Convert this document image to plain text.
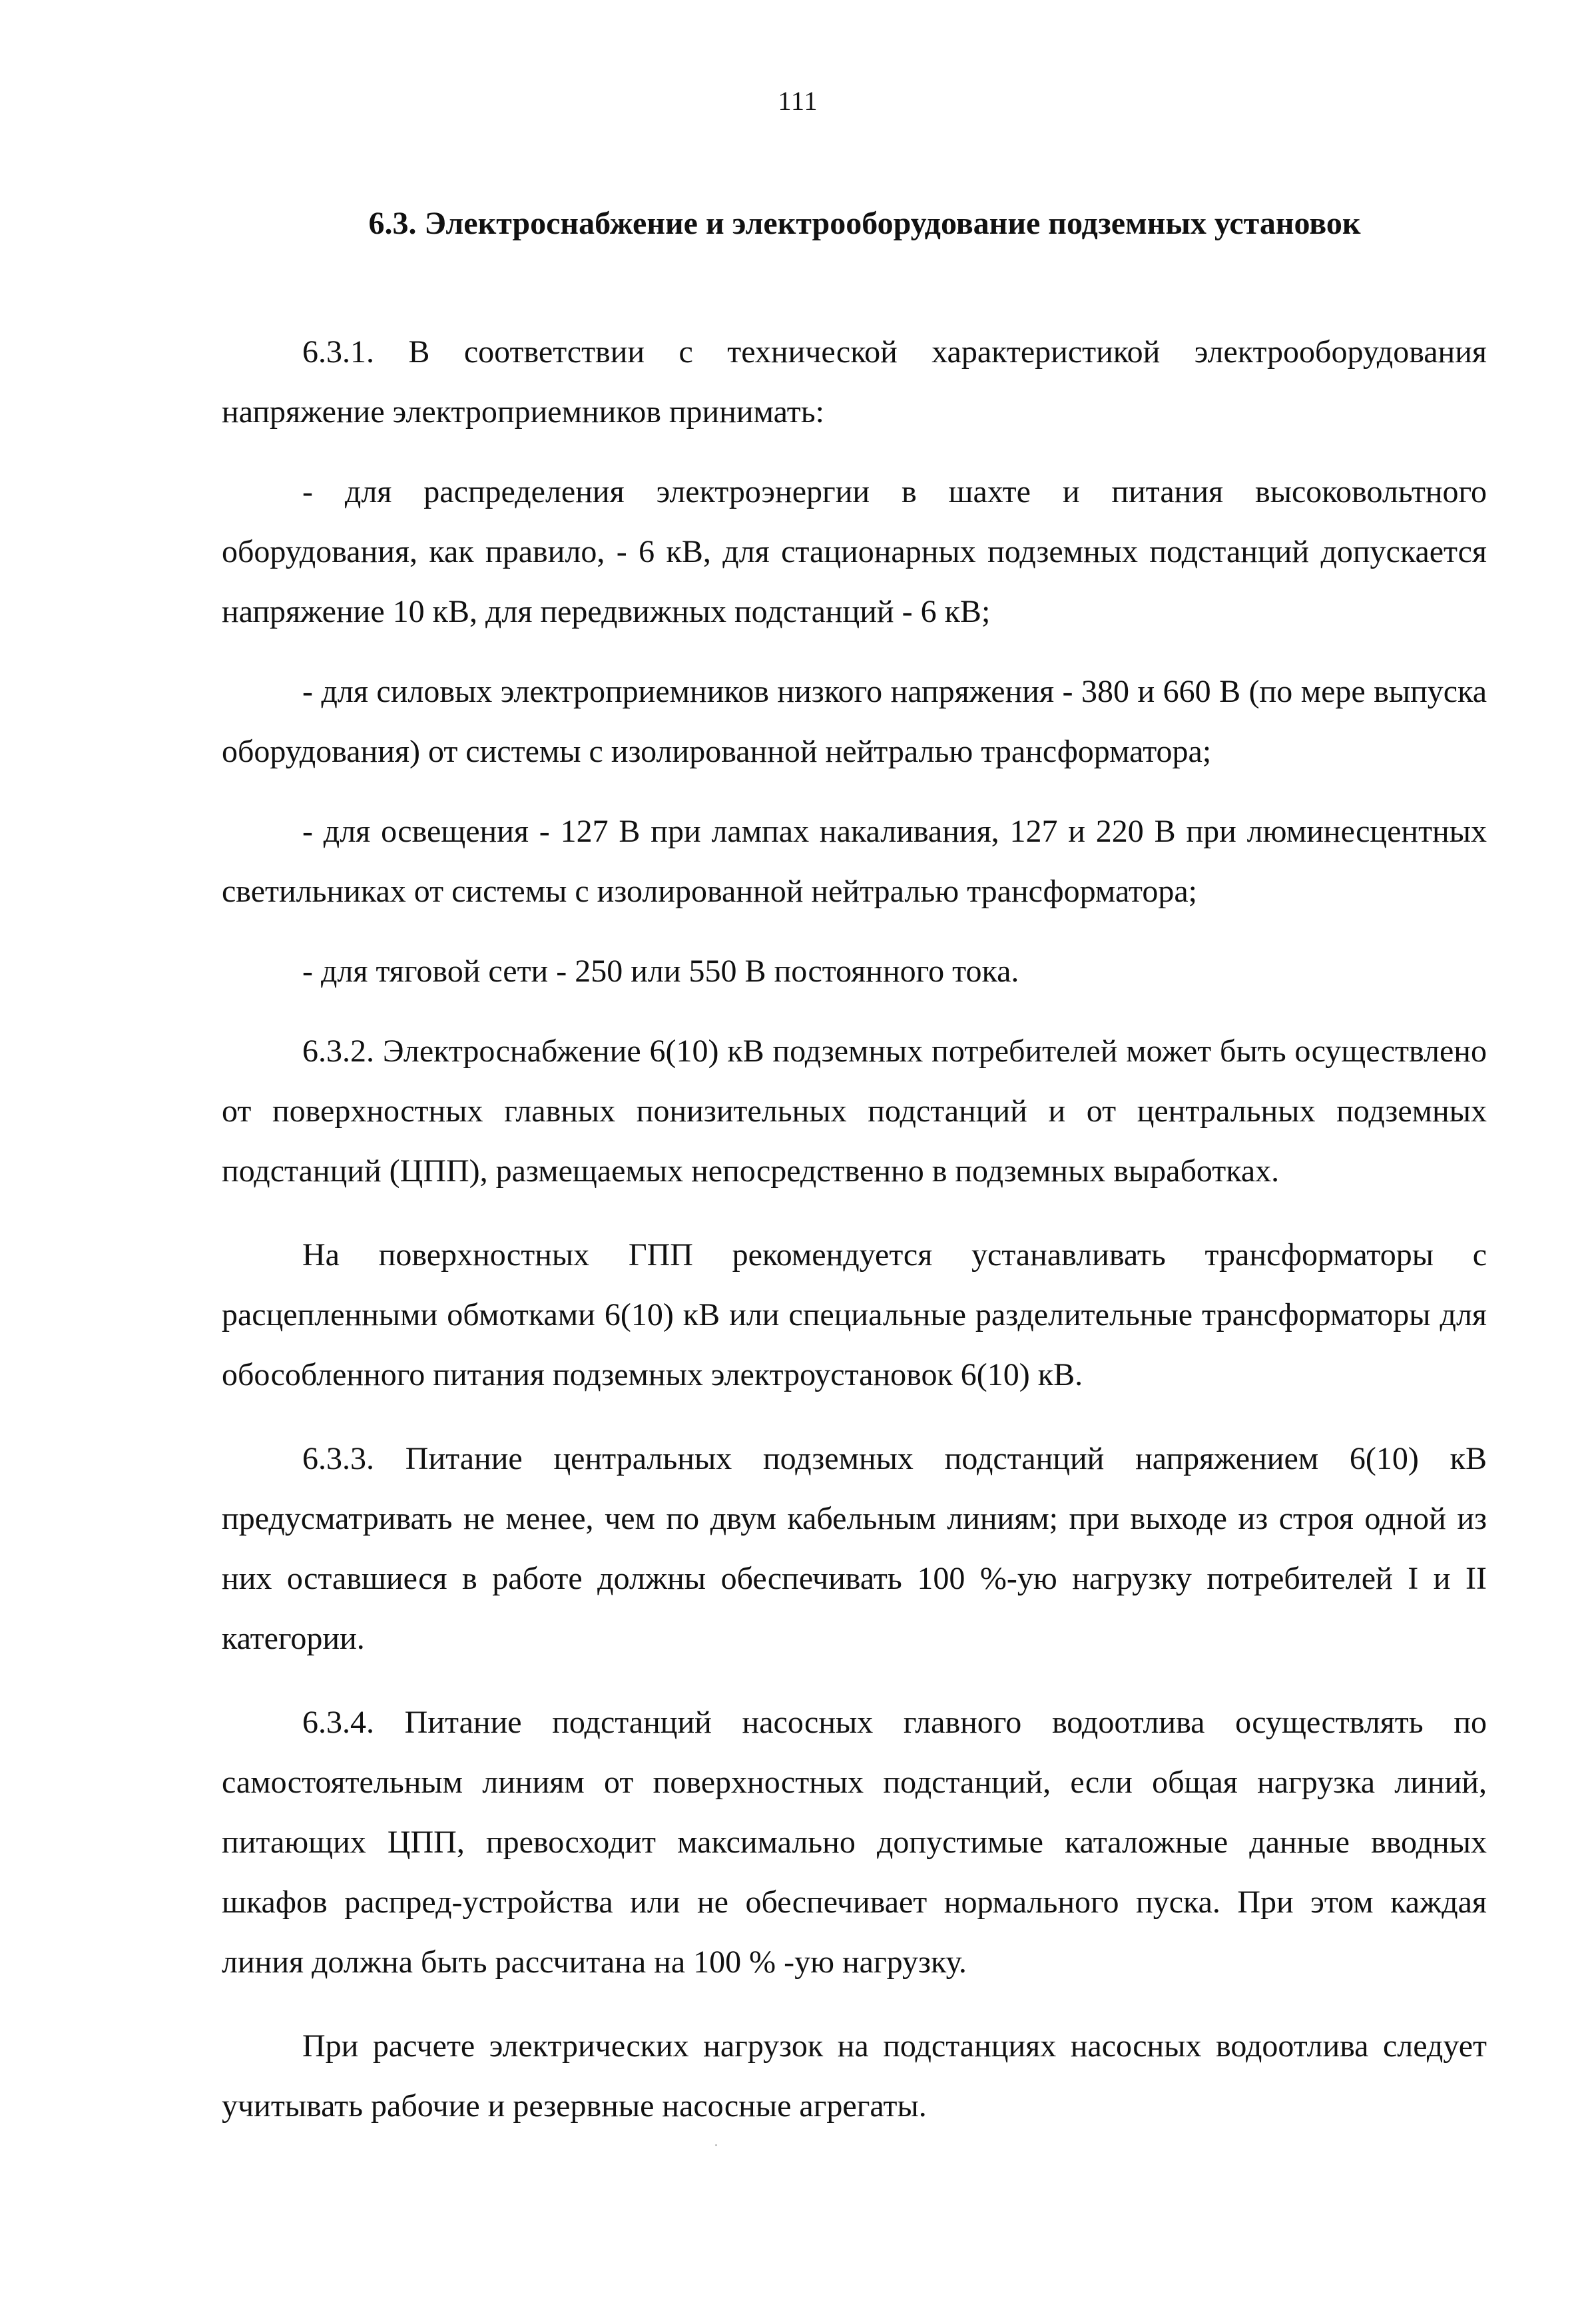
111
6.3. Электроснабжение и электрооборудование подземных установок

6.3.1. В соответствии с технической характеристикой электрооборудования напряжение электроприемников принимать:

- для распределения электроэнергии в шахте и питания высоковольтного оборудования, как правило, - 6 кВ, для стационарных подземных подстанций допускается напряжение 10 кВ, для передвижных подстанций - 6 кВ;

- для силовых электроприемников низкого напряжения - 380 и 660 В (по мере выпуска оборудования) от системы с изолированной нейтралью трансформатора;

- для освещения - 127 В при лампах накаливания, 127 и 220 В при люминесцентных светильниках от системы с изолированной нейтралью трансформатора;

- для тяговой сети - 250 или 550 В постоянного тока.

6.3.2. Электроснабжение 6(10) кВ подземных потребителей может быть осуществлено от поверхностных главных понизительных подстанций и от центральных подземных подстанций (ЦПП), размещаемых непосредственно в подземных выработках.

На поверхностных ГПП рекомендуется устанавливать трансформаторы с расцепленными обмотками 6(10) кВ или специальные разделительные трансформаторы для обособленного питания подземных электроустановок 6(10) кВ.

6.3.3. Питание центральных подземных подстанций напряжением 6(10) кВ предусматривать не менее, чем по двум кабельным линиям; при выходе из строя одной из них оставшиеся в работе должны обеспечивать 100 %-ую нагрузку потребителей I и II категории.

6.3.4. Питание подстанций насосных главного водоотлива осуществлять по самостоятельным линиям от поверхностных подстанций, если общая нагрузка линий, питающих ЦПП, превосходит максимально допустимые каталожные данные вводных шкафов распред-устройства или не обеспечивает нормального пуска. При этом каждая линия должна быть рассчитана на 100 % -ую нагрузку.

При расчете электрических нагрузок на подстанциях насосных водоотлива следует учитывать рабочие и резервные насосные агрегаты.
